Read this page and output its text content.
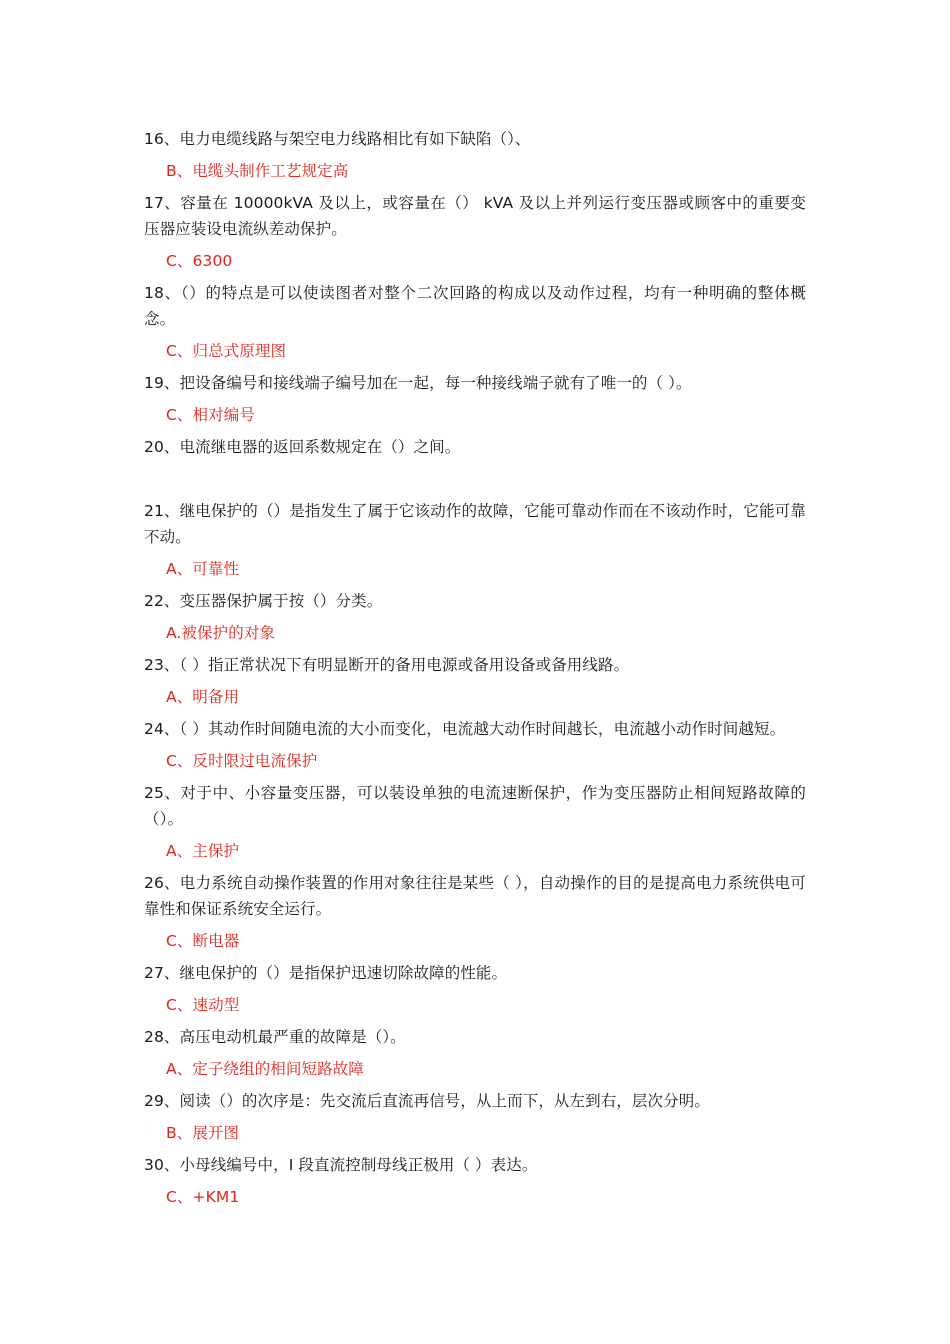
16、电力电缆线路与架空电力线路相比有如下缺陷（）、

B、电缆头制作工艺规定高

17、容量在 10000kVA 及以上，或容量在（） kVA 及以上并列运行变压器或顾客中的重要变压器应装设电流纵差动保护。

C、6300

18、（）的特点是可以使读图者对整个二次回路的构成以及动作过程，均有一种明确的整体概念。

C、归总式原理图

19、把设备编号和接线端子编号加在一起，每一种接线端子就有了唯一的（ ）。

C、相对编号

20、电流继电器的返回系数规定在（）之间。

21、继电保护的（）是指发生了属于它该动作的故障，它能可靠动作而在不该动作时，它能可靠不动。

A、可靠性

22、变压器保护属于按（）分类。

A.被保护的对象

23、（ ）指正常状况下有明显断开的备用电源或备用设备或备用线路。

A、明备用

24、（ ）其动作时间随电流的大小而变化，电流越大动作时间越长，电流越小动作时间越短。

C、反时限过电流保护

25、对于中、小容量变压器，可以装设单独的电流速断保护，作为变压器防止相间短路故障的（）。

A、主保护

26、电力系统自动操作装置的作用对象往往是某些（ ），自动操作的目的是提高电力系统供电可靠性和保证系统安全运行。

C、断电器

27、继电保护的（）是指保护迅速切除故障的性能。

C、速动型

28、高压电动机最严重的故障是（）。

A、定子绕组的相间短路故障

29、阅读（）的次序是：先交流后直流再信号，从上而下，从左到右，层次分明。

B、展开图

30、小母线编号中，I 段直流控制母线正极用（ ）表达。

C、+KM1
